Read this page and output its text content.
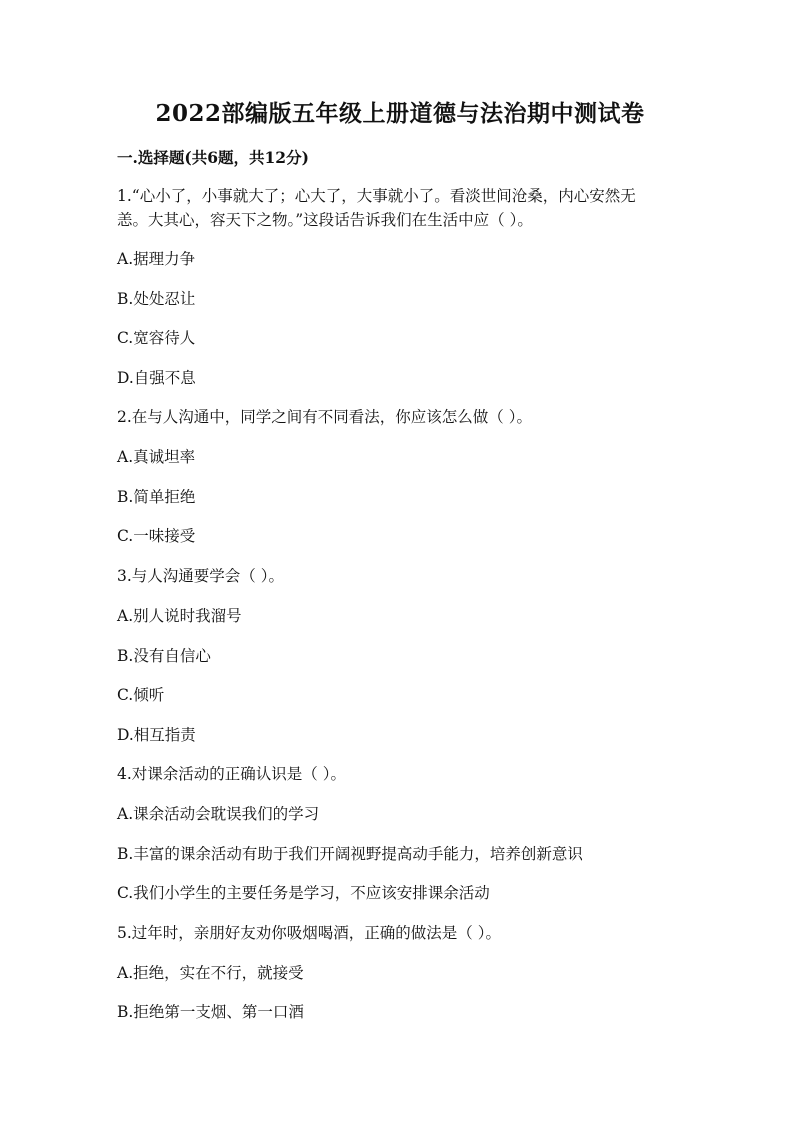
2022部编版五年级上册道德与法治期中测试卷
一.选择题(共6题，共12分)
1.“心小了，小事就大了；心大了，大事就小了。看淡世间沧桑，内心安然无
恙。大其心，容天下之物。”这段话告诉我们在生活中应（ ）。
A.据理力争
B.处处忍让
C.宽容待人
D.自强不息
2.在与人沟通中，同学之间有不同看法，你应该怎么做（ ）。
A.真诚坦率
B.简单拒绝
C.一味接受
3.与人沟通要学会（ ）。
A.别人说时我溜号
B.没有自信心
C.倾听
D.相互指责
4.对课余活动的正确认识是（ ）。
A.课余活动会耽误我们的学习
B.丰富的课余活动有助于我们开阔视野提高动手能力，培养创新意识
C.我们小学生的主要任务是学习，不应该安排课余活动
5.过年时，亲朋好友劝你吸烟喝酒，正确的做法是（ ）。
A.拒绝，实在不行，就接受
B.拒绝第一支烟、第一口酒
